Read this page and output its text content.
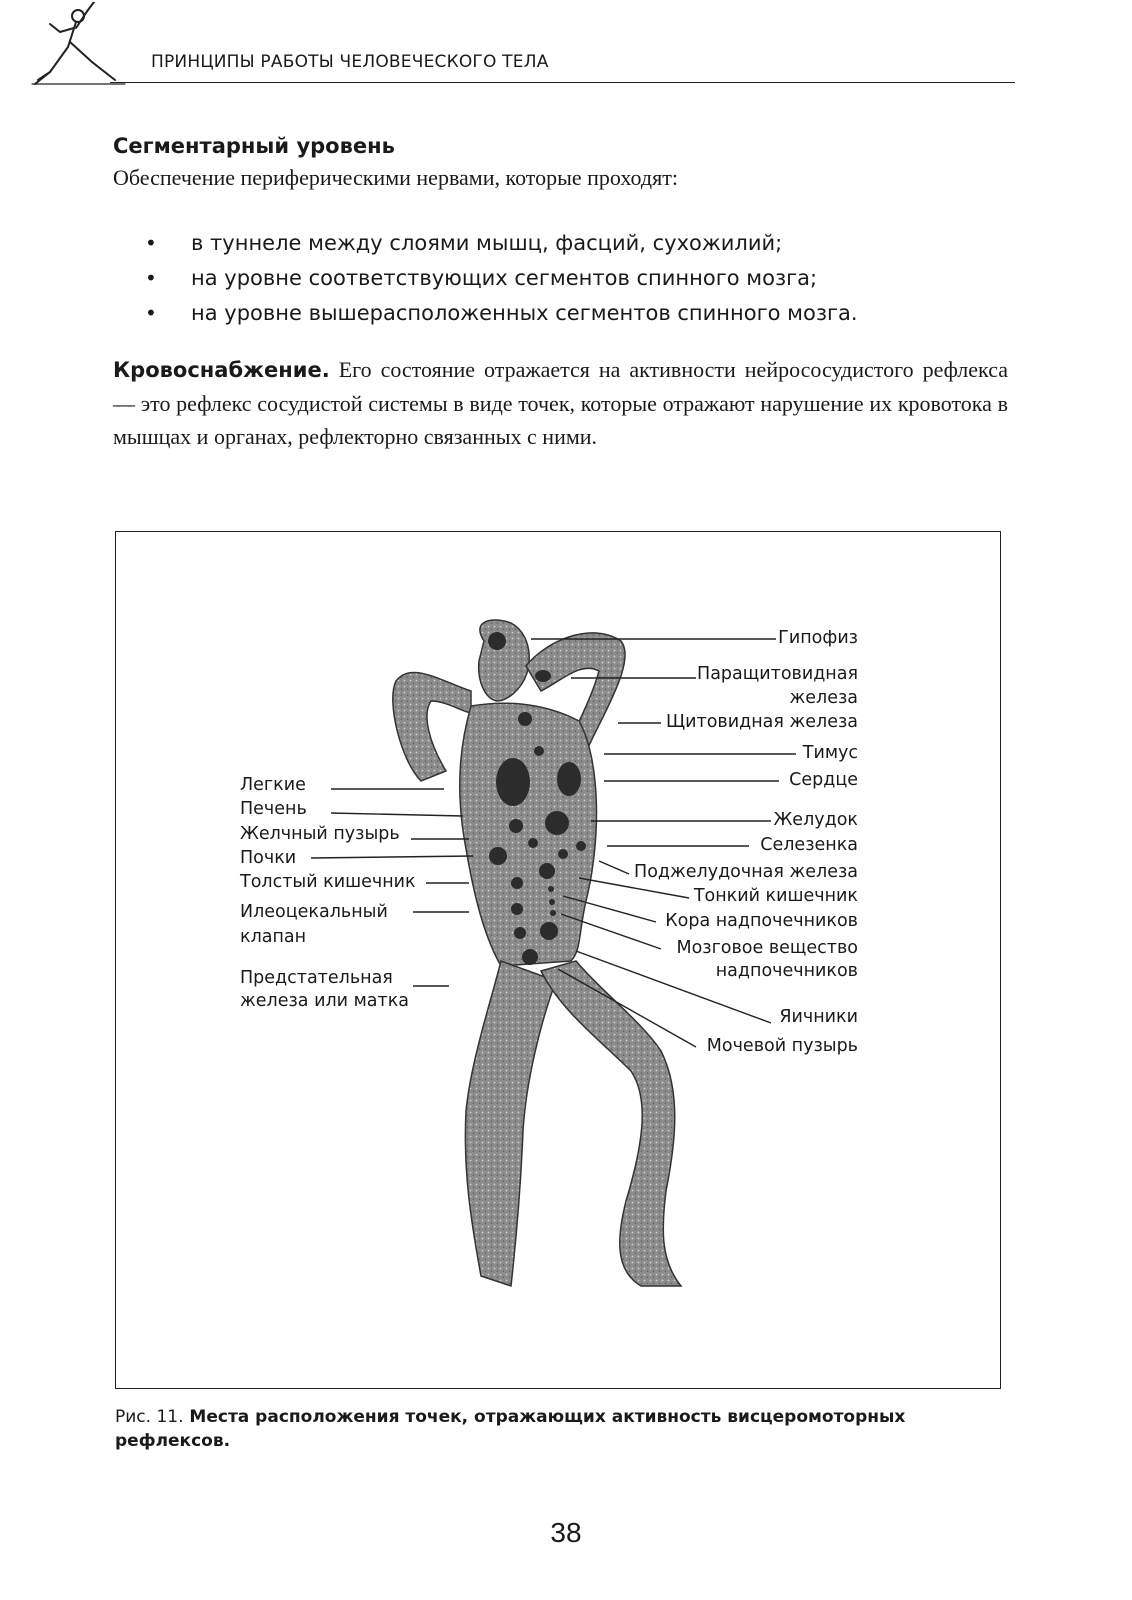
ПРИНЦИПЫ РАБОТЫ ЧЕЛОВЕЧЕСКОГО ТЕЛА
Сегментарный уровень
Обеспечение периферическими нервами, которые проходят:
• в туннеле между слоями мышц, фасций, сухожилий;
• на уровне соответствующих сегментов спинного мозга;
• на уровне вышерасположенных сегментов спинного мозга.
Кровоснабжение. Его состояние отражается на активности нейрососудистого рефлекса — это рефлекс сосудистой системы в виде точек, которые отражают нарушение их кровотока в мышцах и органах, рефлекторно связанных с ними.
Легкие
Печень
Желчный пузырь
Почки
Толстый кишечник
Илеоцекальный
клапан
Предстательная
железа или матка
Гипофиз
Паращитовидная
железа
Щитовидная железа
Тимус
Сердце
Желудок
Селезенка
Поджелудочная железа
Тонкий кишечник
Кора надпочечников
Мозговое вещество
надпочечников
Яичники
Мочевой пузырь
Рис. 11. Места расположения точек, отражающих активность висцеромоторных рефлексов.
38
